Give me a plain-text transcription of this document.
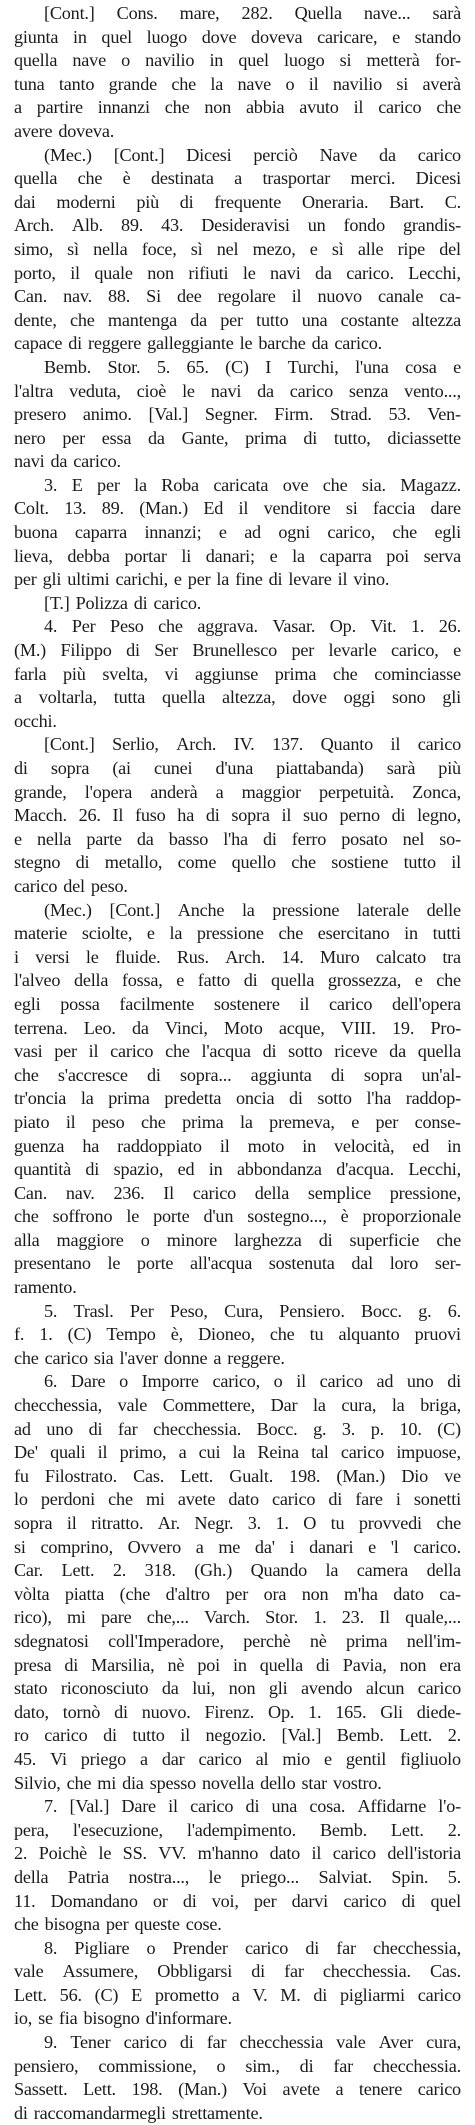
[Cont.] Cons. mare, 282. Quella nave... sarà
giunta in quel luogo dove doveva caricare, e stando
quella nave o navilio in quel luogo si metterà for-
tuna tanto grande che la nave o il navilio si averà
a partire innanzi che non abbia avuto il carico che
avere doveva.
(Mec.) [Cont.] Dicesi perciò Nave da carico
quella che è destinata a trasportar merci. Dicesi
dai moderni più di frequente Oneraria. Bart. C.
Arch. Alb. 89. 43. Desideravisi un fondo grandis-
simo, sì nella foce, sì nel mezo, e sì alle ripe del
porto, il quale non rifiuti le navi da carico. Lecchi,
Can. nav. 88. Si dee regolare il nuovo canale ca-
dente, che mantenga da per tutto una costante altezza
capace di reggere galleggiante le barche da carico.
Bemb. Stor. 5. 65. (C) I Turchi, l'una cosa e
l'altra veduta, cioè le navi da carico senza vento...,
presero animo. [Val.] Segner. Firm. Strad. 53. Ven-
nero per essa da Gante, prima di tutto, diciassette
navi da carico.
3. E per la Roba caricata ove che sia. Magazz.
Colt. 13. 89. (Man.) Ed il venditore si faccia dare
buona caparra innanzi; e ad ogni carico, che egli
lieva, debba portar li danari; e la caparra poi serva
per gli ultimi carichi, e per la fine di levare il vino.
[T.] Polizza di carico.
4. Per Peso che aggrava. Vasar. Op. Vit. 1. 26.
(M.) Filippo di Ser Brunellesco per levarle carico, e
farla più svelta, vi aggiunse prima che cominciasse
a voltarla, tutta quella altezza, dove oggi sono gli
occhi.
[Cont.] Serlio, Arch. IV. 137. Quanto il carico
di sopra (ai cunei d'una piattabanda) sarà più
grande, l'opera anderà a maggior perpetuità. Zonca,
Macch. 26. Il fuso ha di sopra il suo perno di legno,
e nella parte da basso l'ha di ferro posato nel so-
stegno di metallo, come quello che sostiene tutto il
carico del peso.
(Mec.) [Cont.] Anche la pressione laterale delle
materie sciolte, e la pressione che esercitano in tutti
i versi le fluide. Rus. Arch. 14. Muro calcato tra
l'alveo della fossa, e fatto di quella grossezza, e che
egli possa facilmente sostenere il carico dell'opera
terrena. Leo. da Vinci, Moto acque, VIII. 19. Pro-
vasi per il carico che l'acqua di sotto riceve da quella
che s'accresce di sopra... aggiunta di sopra un'al-
tr'oncia la prima predetta oncia di sotto l'ha raddop-
piato il peso che prima la premeva, e per conse-
guenza ha raddoppiato il moto in velocità, ed in
quantità di spazio, ed in abbondanza d'acqua. Lecchi,
Can. nav. 236. Il carico della semplice pressione,
che soffrono le porte d'un sostegno..., è proporzionale
alla maggiore o minore larghezza di superficie che
presentano le porte all'acqua sostenuta dal loro ser-
ramento.
5. Trasl. Per Peso, Cura, Pensiero. Bocc. g. 6.
f. 1. (C) Tempo è, Dioneo, che tu alquanto pruovi
che carico sia l'aver donne a reggere.
6. Dare o Imporre carico, o il carico ad uno di
checchessia, vale Commettere, Dar la cura, la briga,
ad uno di far checchessia. Bocc. g. 3. p. 10. (C)
De' quali il primo, a cui la Reina tal carico impuose,
fu Filostrato. Cas. Lett. Gualt. 198. (Man.) Dio ve
lo perdoni che mi avete dato carico di fare i sonetti
sopra il ritratto. Ar. Negr. 3. 1. O tu provvedi che
si comprino, Ovvero a me da' i danari e 'l carico.
Car. Lett. 2. 318. (Gh.) Quando la camera della
vòlta piatta (che d'altro per ora non m'ha dato ca-
rico), mi pare che,... Varch. Stor. 1. 23. Il quale,...
sdegnatosi coll'Imperadore, perchè nè prima nell'im-
presa di Marsilia, nè poi in quella di Pavia, non era
stato riconosciuto da lui, non gli avendo alcun carico
dato, tornò di nuovo. Firenz. Op. 1. 165. Gli diede-
ro carico di tutto il negozio. [Val.] Bemb. Lett. 2.
45. Vi priego a dar carico al mio e gentil figliuolo
Silvio, che mi dia spesso novella dello star vostro.
7. [Val.] Dare il carico di una cosa. Affidarne l'o-
pera, l'esecuzione, l'adempimento. Bemb. Lett. 2.
2. Poichè le SS. VV. m'hanno dato il carico dell'istoria
della Patria nostra..., le priego... Salviat. Spin. 5.
11. Domandano or di voi, per darvi carico di quel
che bisogna per queste cose.
8. Pigliare o Prender carico di far checchessia,
vale Assumere, Obbligarsi di far checchessia. Cas.
Lett. 56. (C) E prometto a V. M. di pigliarmi carico
io, se fia bisogno d'informare.
9. Tener carico di far checchessia vale Aver cura,
pensiero, commissione, o sim., di far checchessia.
Sassett. Lett. 198. (Man.) Voi avete a tenere carico
di raccomandarmegli strettamente.
